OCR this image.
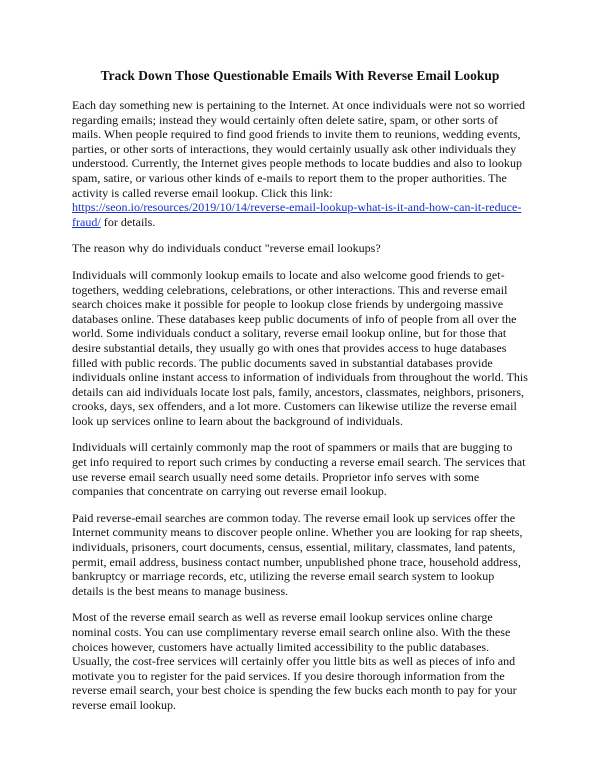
Track Down Those Questionable Emails With Reverse Email Lookup

Each day something new is pertaining to the Internet. At once individuals were not so worried regarding emails; instead they would certainly often delete satire, spam, or other sorts of mails. When people required to find good friends to invite them to reunions, wedding events, parties, or other sorts of interactions, they would certainly usually ask other individuals they understood. Currently, the Internet gives people methods to locate buddies and also to lookup spam, satire, or various other kinds of e-mails to report them to the proper authorities. The activity is called reverse email lookup. Click this link: https://seon.io/resources/2019/10/14/reverse-email-lookup-what-is-it-and-how-can-it-reduce-fraud/ for details.

The reason why do individuals conduct "reverse email lookups?

Individuals will commonly lookup emails to locate and also welcome good friends to get-togethers, wedding celebrations, celebrations, or other interactions. This and reverse email search choices make it possible for people to lookup close friends by undergoing massive databases online. These databases keep public documents of info of people from all over the world. Some individuals conduct a solitary, reverse email lookup online, but for those that desire substantial details, they usually go with ones that provides access to huge databases filled with public records. The public documents saved in substantial databases provide individuals online instant access to information of individuals from throughout the world. This details can aid individuals locate lost pals, family, ancestors, classmates, neighbors, prisoners, crooks, days, sex offenders, and a lot more. Customers can likewise utilize the reverse email look up services online to learn about the background of individuals.

Individuals will certainly commonly map the root of spammers or mails that are bugging to get info required to report such crimes by conducting a reverse email search. The services that use reverse email search usually need some details. Proprietor info serves with some companies that concentrate on carrying out reverse email lookup.

Paid reverse-email searches are common today. The reverse email look up services offer the Internet community means to discover people online. Whether you are looking for rap sheets, individuals, prisoners, court documents, census, essential, military, classmates, land patents, permit, email address, business contact number, unpublished phone trace, household address, bankruptcy or marriage records, etc, utilizing the reverse email search system to lookup details is the best means to manage business.

Most of the reverse email search as well as reverse email lookup services online charge nominal costs. You can use complimentary reverse email search online also. With the these choices however, customers have actually limited accessibility to the public databases. Usually, the cost-free services will certainly offer you little bits as well as pieces of info and motivate you to register for the paid services. If you desire thorough information from the reverse email search, your best choice is spending the few bucks each month to pay for your reverse email lookup.
